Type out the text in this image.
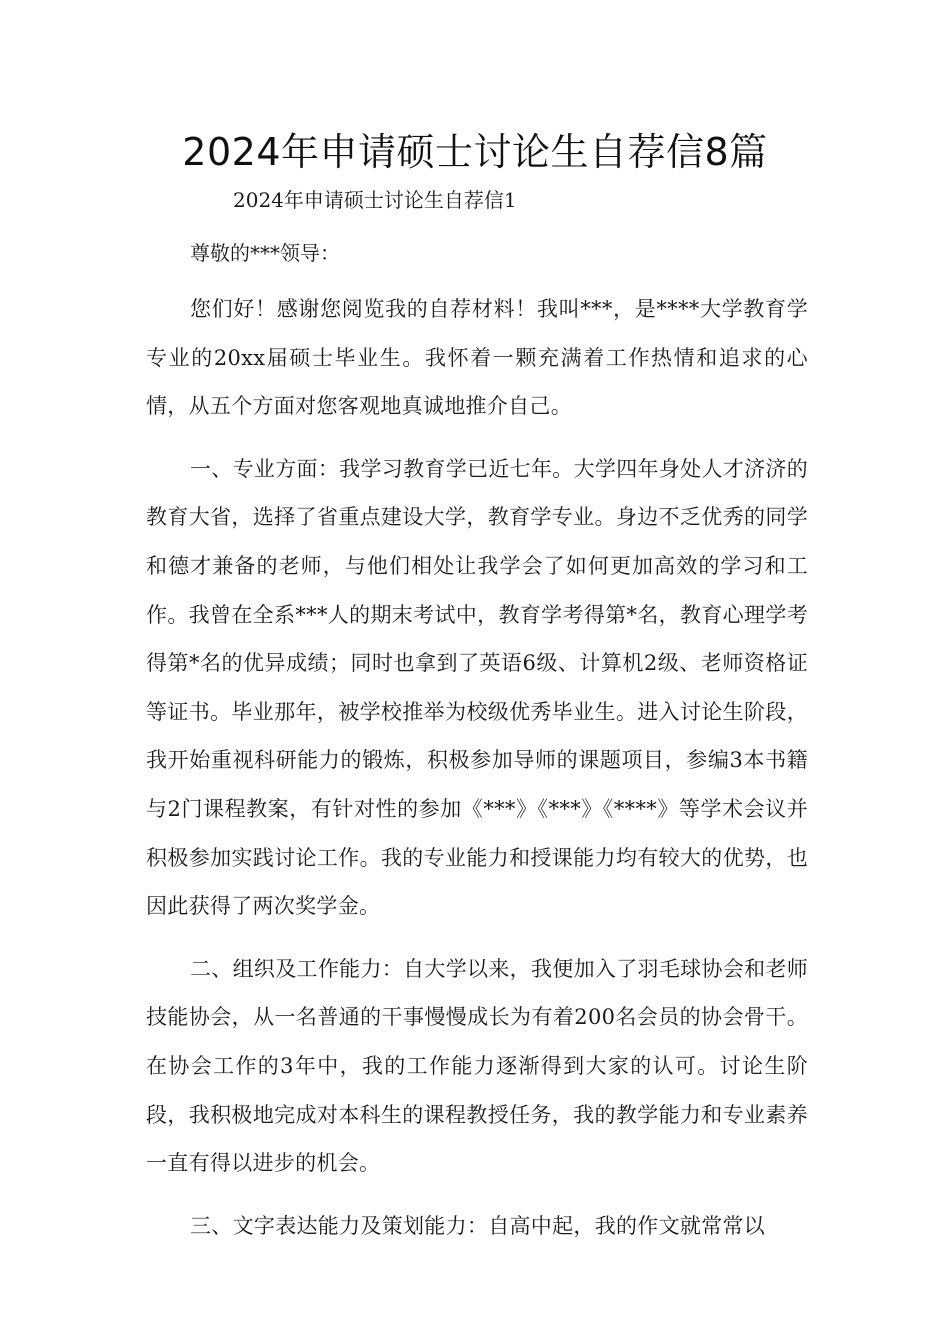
2024年申请硕士讨论生自荐信8篇

2024年申请硕士讨论生自荐信1

尊敬的***领导：

您们好！感谢您阅览我的自荐材料！我叫***，是****大学教育学专业的20xx届硕士毕业生。我怀着一颗充满着工作热情和追求的心情，从五个方面对您客观地真诚地推介自己。

一、专业方面：我学习教育学已近七年。大学四年身处人才济济的教育大省，选择了省重点建设大学，教育学专业。身边不乏优秀的同学和德才兼备的老师，与他们相处让我学会了如何更加高效的学习和工作。我曾在全系***人的期末考试中，教育学考得第*名，教育心理学考得第*名的优异成绩；同时也拿到了英语6级、计算机2级、老师资格证等证书。毕业那年，被学校推举为校级优秀毕业生。进入讨论生阶段，我开始重视科研能力的锻炼，积极参加导师的课题项目，参编3本书籍与2门课程教案，有针对性的参加《***》《***》《****》等学术会议并积极参加实践讨论工作。我的专业能力和授课能力均有较大的优势，也因此获得了两次奖学金。

二、组织及工作能力：自大学以来，我便加入了羽毛球协会和老师技能协会，从一名普通的干事慢慢成长为有着200名会员的协会骨干。在协会工作的3年中，我的工作能力逐渐得到大家的认可。讨论生阶段，我积极地完成对本科生的课程教授任务，我的教学能力和专业素养一直有得以进步的机会。

三、文字表达能力及策划能力：自高中起，我的作文就常常以
